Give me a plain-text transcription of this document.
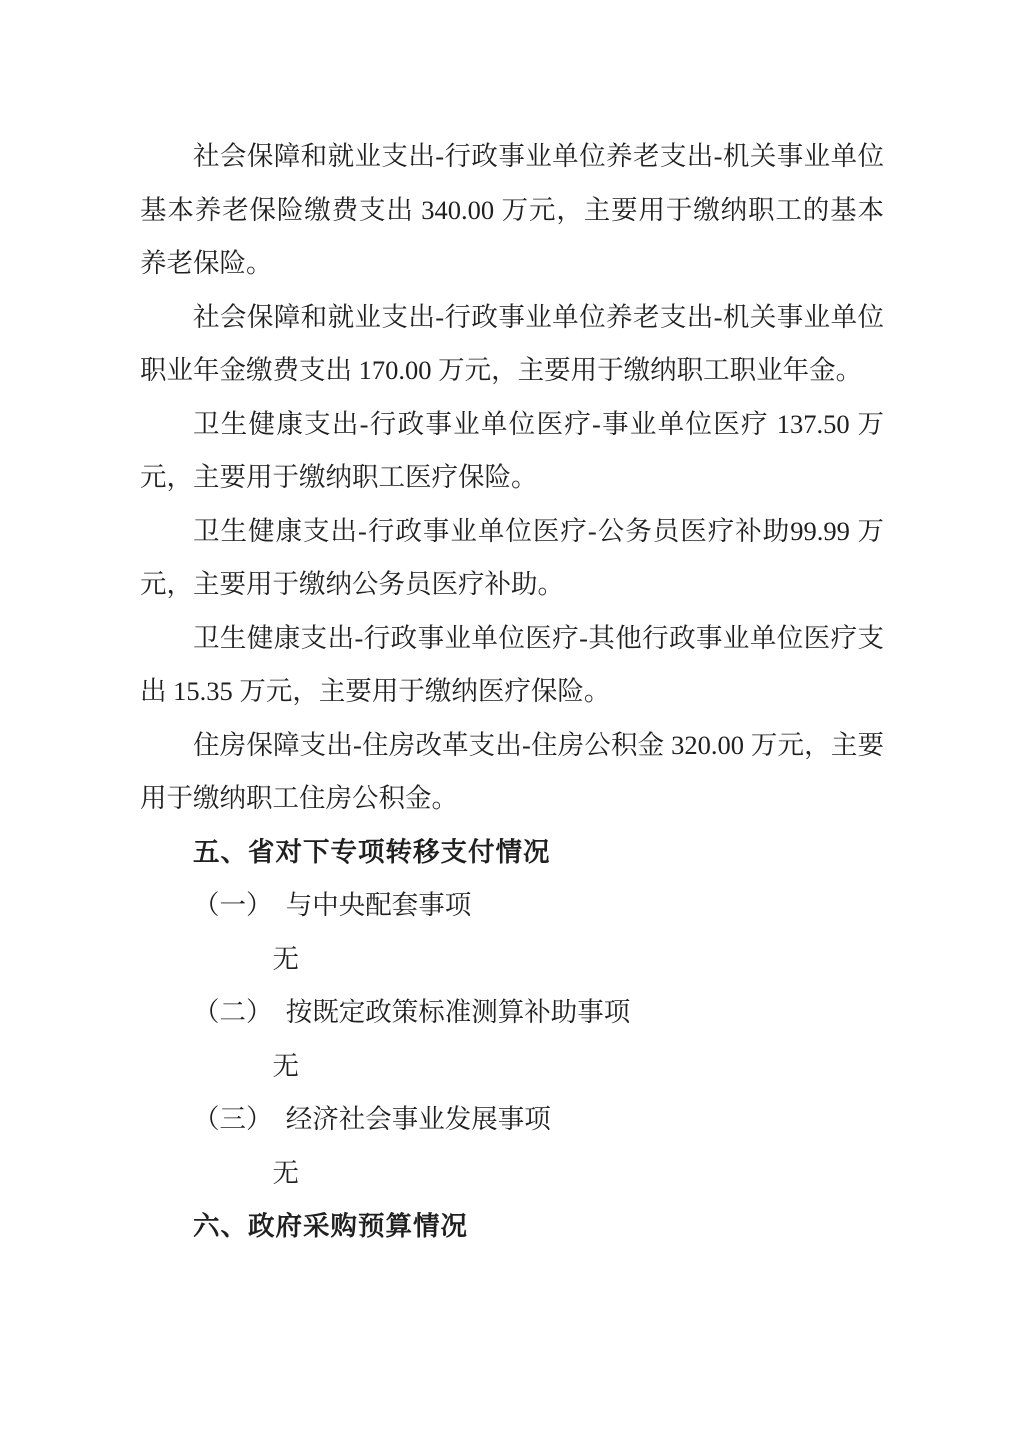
社会保障和就业支出-行政事业单位养老支出-机关事业单位基本养老保险缴费支出 340.00 万元，主要用于缴纳职工的基本养老保险。

社会保障和就业支出-行政事业单位养老支出-机关事业单位职业年金缴费支出 170.00 万元，主要用于缴纳职工职业年金。

卫生健康支出-行政事业单位医疗-事业单位医疗 137.50 万元，主要用于缴纳职工医疗保险。

卫生健康支出-行政事业单位医疗-公务员医疗补助99.99 万元，主要用于缴纳公务员医疗补助。

卫生健康支出-行政事业单位医疗-其他行政事业单位医疗支出 15.35 万元，主要用于缴纳医疗保险。

住房保障支出-住房改革支出-住房公积金 320.00 万元，主要用于缴纳职工住房公积金。

五、省对下专项转移支付情况

（一）　与中央配套事项

无

（二）　按既定政策标准测算补助事项

无

（三）　经济社会事业发展事项

无

六、政府采购预算情况
